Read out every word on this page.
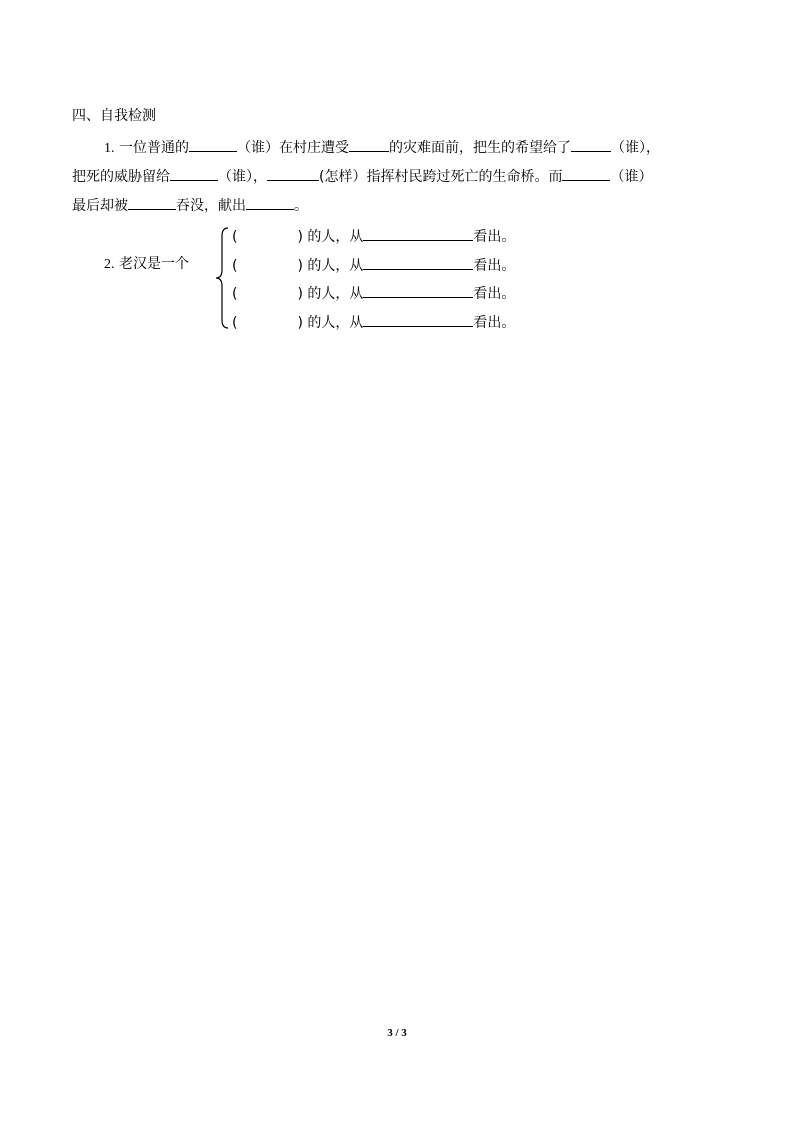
四、自我检测
1. 一位普通的	（谁）在村庄遭受	的灾难面前，把生的希望给了	（谁），
把死的威胁留给	（谁），	(怎样）指挥村民跨过死亡的生命桥。而	（谁）
最后却被	吞没，献出	。
2. 老汉是一个
(	) 的人，从	看出。
(	) 的人，从	看出。
(	) 的人，从	看出。
(	) 的人，从	看出。
3 / 3
